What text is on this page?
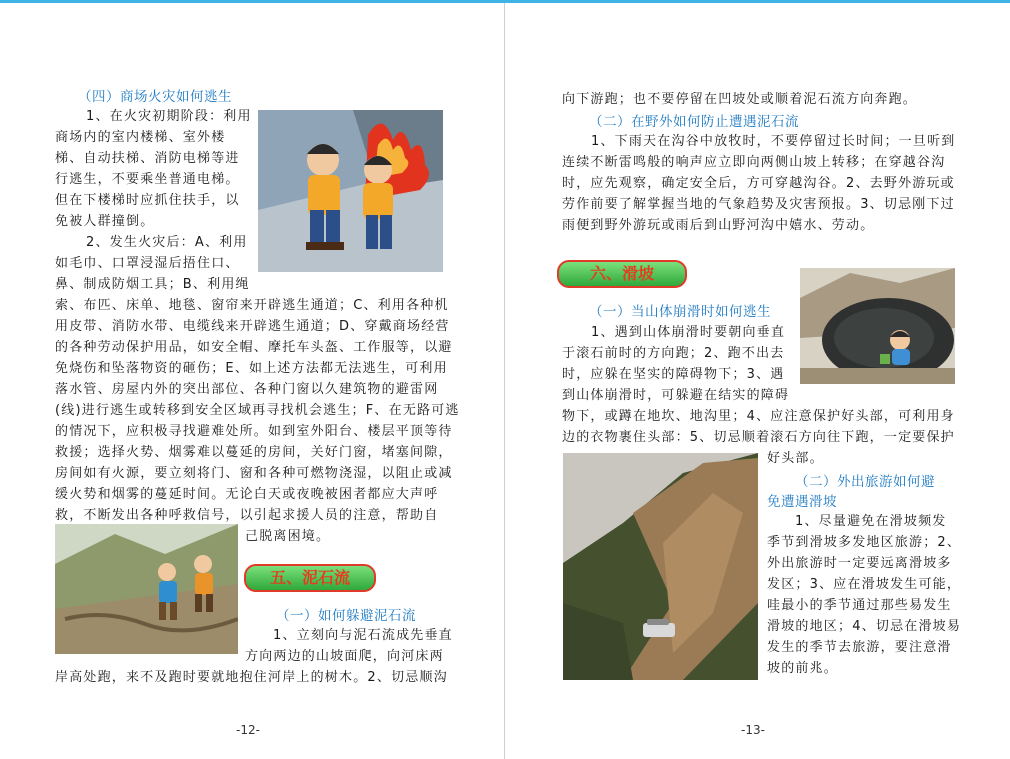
（四）商场火灾如何逃生
1、在火灾初期阶段：利用
商场内的室内楼梯、室外楼
梯、自动扶梯、消防电梯等进
行逃生，不要乘坐普通电梯。
但在下楼梯时应抓住扶手，以
免被人群撞倒。
2、发生火灾后：A、利用
如毛巾、口罩浸湿后捂住口、
鼻、制成防烟工具；B、利用绳
索、布匹、床单、地毯、窗帘来开辟逃生通道；C、利用各种机
用皮带、消防水带、电缆线来开辟逃生通道；D、穿戴商场经营
的各种劳动保护用品，如安全帽、摩托车头盔、工作服等，以避
免烧伤和坠落物资的砸伤；E、如上述方法都无法逃生，可利用
落水管、房屋内外的突出部位、各种门窗以久建筑物的避雷网
(线)进行逃生或转移到安全区域再寻找机会逃生；F、在无路可逃
的情况下，应积极寻找避难处所。如到室外阳台、楼层平顶等待
救援；选择火势、烟雾难以蔓延的房间，关好门窗，堵塞间隙，
房间如有火源，要立刻将门、窗和各种可燃物浇湿，以阻止或减
缓火势和烟雾的蔓延时间。无论白天或夜晚被困者都应大声呼
救，不断发出各种呼救信号，以引起求援人员的注意，帮助自
己脱离困境。
五、泥石流
（一）如何躲避泥石流
1、立刻向与泥石流成先垂直
方向两边的山坡面爬，向河床两
岸高处跑，来不及跑时要就地抱住河岸上的树木。2、切忌顺沟
-12-
向下游跑；也不要停留在凹坡处或顺着泥石流方向奔跑。
（二）在野外如何防止遭遇泥石流
1、下雨天在沟谷中放牧时，不要停留过长时间；一旦听到
连续不断雷鸣般的响声应立即向两侧山坡上转移；在穿越谷沟
时，应先观察，确定安全后，方可穿越沟谷。2、去野外游玩或
劳作前要了解掌握当地的气象趋势及灾害预报。3、切忌刚下过
雨便到野外游玩或雨后到山野河沟中嬉水、劳动。
六、滑坡
（一）当山体崩滑时如何逃生
1、遇到山体崩滑时要朝向垂直
于滚石前时的方向跑；2、跑不出去
时，应躲在坚实的障碍物下；3、遇
到山体崩滑时，可躲避在结实的障碍
物下，或蹲在地坎、地沟里；4、应注意保护好头部，可利用身
边的衣物裹住头部：5、切忌顺着滚石方向往下跑，一定要保护
好头部。
（二）外出旅游如何避
免遭遇滑坡
1、尽量避免在滑坡频发
季节到滑坡多发地区旅游；2、
外出旅游时一定要远离滑坡多
发区；3、应在滑坡发生可能，
哇最小的季节通过那些易发生
滑坡的地区；4、切忌在滑坡易
发生的季节去旅游，要注意滑
坡的前兆。
-13-
